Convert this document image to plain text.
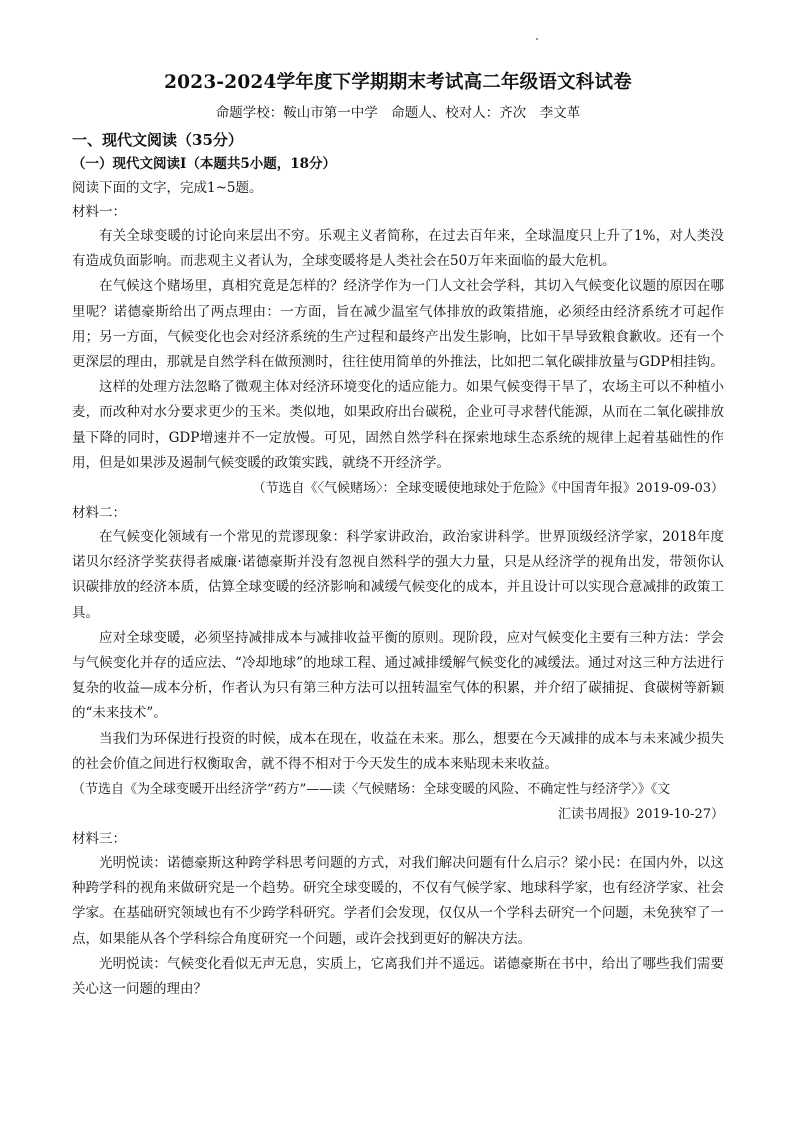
2023-2024学年度下学期期末考试高二年级语文科试卷

命题学校：鞍山市第一中学　命题人、校对人：齐次　李文革

一、现代文阅读（35分）

（一）现代文阅读I（本题共5小题，18分）

阅读下面的文字，完成1~5题。

材料一：

有关全球变暖的讨论向来层出不穷。乐观主义者简称，在过去百年来，全球温度只上升了1%，对人类没有造成负面影响。而悲观主义者认为，全球变暖将是人类社会在50万年来面临的最大危机。

在气候这个赌场里，真相究竟是怎样的？经济学作为一门人文社会学科，其切入气候变化议题的原因在哪里呢？诺德豪斯给出了两点理由：一方面，旨在减少温室气体排放的政策措施，必须经由经济系统才可起作用；另一方面，气候变化也会对经济系统的生产过程和最终产出发生影响，比如干旱导致粮食歉收。还有一个更深层的理由，那就是自然学科在做预测时，往往使用简单的外推法，比如把二氧化碳排放量与GDP相挂钩。

这样的处理方法忽略了微观主体对经济环境变化的适应能力。如果气候变得干旱了，农场主可以不种植小麦，而改种对水分要求更少的玉米。类似地，如果政府出台碳税，企业可寻求替代能源，从而在二氧化碳排放量下降的同时，GDP增速并不一定放慢。可见，固然自然学科在探索地球生态系统的规律上起着基础性的作用，但是如果涉及遏制气候变暖的政策实践，就绕不开经济学。

（节选自《〈气候赌场〉：全球变暖使地球处于危险》《中国青年报》2019-09-03）

材料二：

在气候变化领域有一个常见的荒谬现象：科学家讲政治，政治家讲科学。世界顶级经济学家，2018年度诺贝尔经济学奖获得者威廉·诺德豪斯并没有忽视自然科学的强大力量，只是从经济学的视角出发，带领你认识碳排放的经济本质，估算全球变暖的经济影响和减缓气候变化的成本，并且设计可以实现合意减排的政策工具。

应对全球变暖，必须坚持减排成本与减排收益平衡的原则。现阶段，应对气候变化主要有三种方法：学会与气候变化并存的适应法、“冷却地球”的地球工程、通过减排缓解气候变化的减缓法。通过对这三种方法进行复杂的收益—成本分析，作者认为只有第三种方法可以扭转温室气体的积累，并介绍了碳捕捉、食碳树等新颖的“未来技术”。

当我们为环保进行投资的时候，成本在现在，收益在未来。那么，想要在今天减排的成本与未来减少损失的社会价值之间进行权衡取舍，就不得不相对于今天发生的成本来贴现未来收益。

（节选自《为全球变暖开出经济学“药方”——读〈气候赌场：全球变暖的风险、不确定性与经济学〉》《文
汇读书周报》2019-10-27）

材料三：

光明悦读：诺德豪斯这种跨学科思考问题的方式，对我们解决问题有什么启示？梁小民：在国内外，以这种跨学科的视角来做研究是一个趋势。研究全球变暖的，不仅有气候学家、地球科学家，也有经济学家、社会学家。在基础研究领域也有不少跨学科研究。学者们会发现，仅仅从一个学科去研究一个问题，未免狭窄了一点，如果能从各个学科综合角度研究一个问题，或许会找到更好的解决方法。

光明悦读：气候变化看似无声无息，实质上，它离我们并不遥远。诺德豪斯在书中，给出了哪些我们需要关心这一问题的理由？
